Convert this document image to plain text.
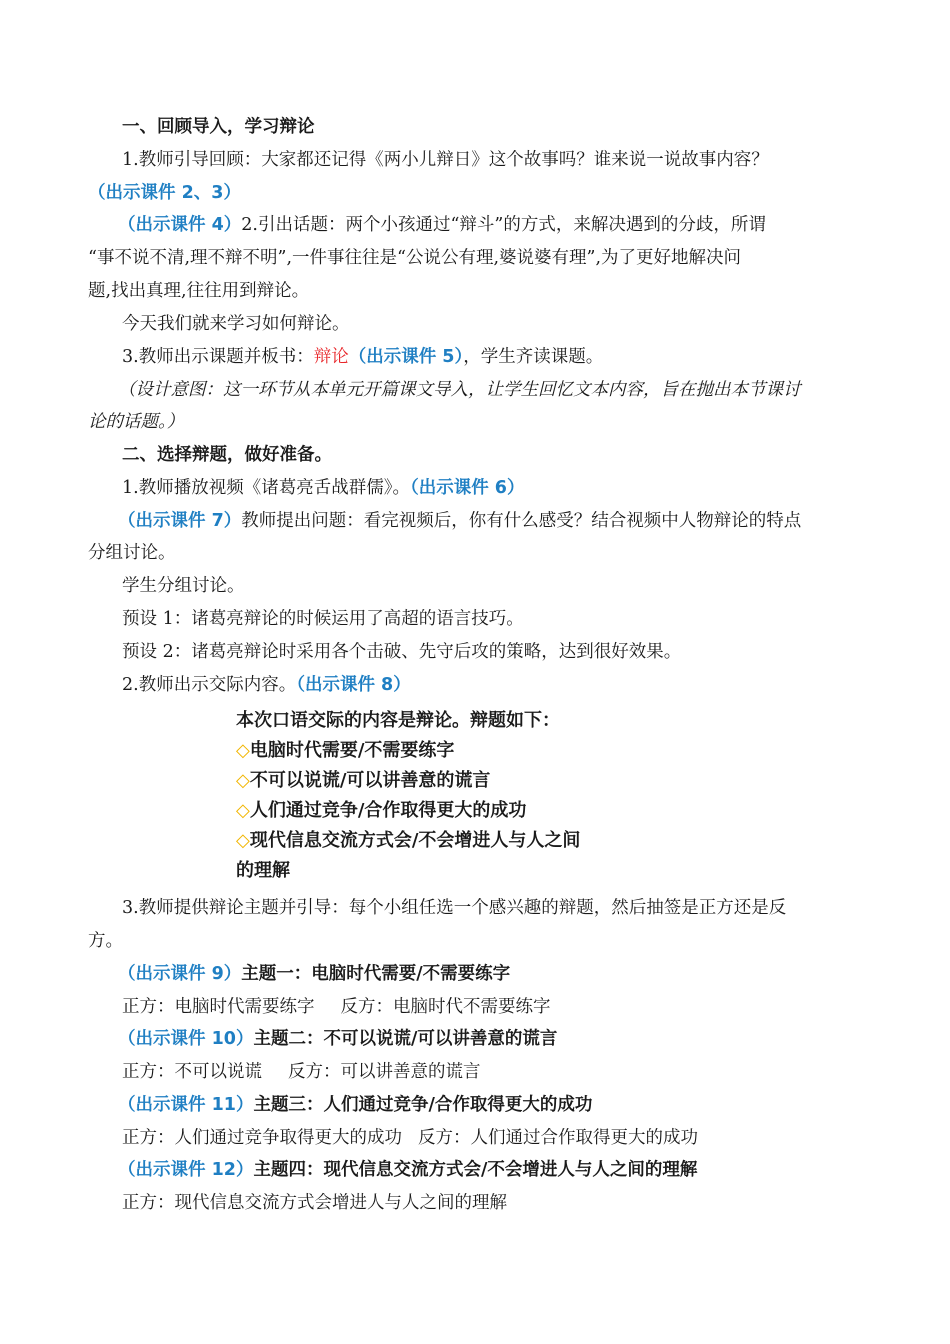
一、回顾导入，学习辩论
1.教师引导回顾：大家都还记得《两小儿辩日》这个故事吗？谁来说一说故事内容？
（出示课件 2、3）
（出示课件 4）2.引出话题：两个小孩通过“辩斗”的方式，来解决遇到的分歧，所谓
“事不说不清,理不辩不明”,一件事往往是“公说公有理,婆说婆有理”,为了更好地解决问
题,找出真理,往往用到辩论。
今天我们就来学习如何辩论。
3.教师出示课题并板书：辩论（出示课件 5），学生齐读课题。
（设计意图：这一环节从本单元开篇课文导入，让学生回忆文本内容，旨在抛出本节课讨
论的话题。）
二、选择辩题，做好准备。
1.教师播放视频《诸葛亮舌战群儒》。（出示课件 6）
（出示课件 7）教师提出问题：看完视频后，你有什么感受？结合视频中人物辩论的特点
分组讨论。
学生分组讨论。
预设 1：诸葛亮辩论的时候运用了高超的语言技巧。
预设 2：诸葛亮辩论时采用各个击破、先守后攻的策略，达到很好效果。
2.教师出示交际内容。（出示课件 8）
本次口语交际的内容是辩论。辩题如下：
◇电脑时代需要/不需要练字
◇不可以说谎/可以讲善意的谎言
◇人们通过竞争/合作取得更大的成功
◇现代信息交流方式会/不会增进人与人之间
的理解
3.教师提供辩论主题并引导：每个小组任选一个感兴趣的辩题，然后抽签是正方还是反
方。
（出示课件 9）主题一：电脑时代需要/不需要练字
正方：电脑时代需要练字 反方：电脑时代不需要练字
（出示课件 10）主题二：不可以说谎/可以讲善意的谎言
正方：不可以说谎 反方：可以讲善意的谎言
（出示课件 11）主题三：人们通过竞争/合作取得更大的成功
正方：人们通过竞争取得更大的成功 反方：人们通过合作取得更大的成功
（出示课件 12）主题四：现代信息交流方式会/不会增进人与人之间的理解
正方：现代信息交流方式会增进人与人之间的理解
